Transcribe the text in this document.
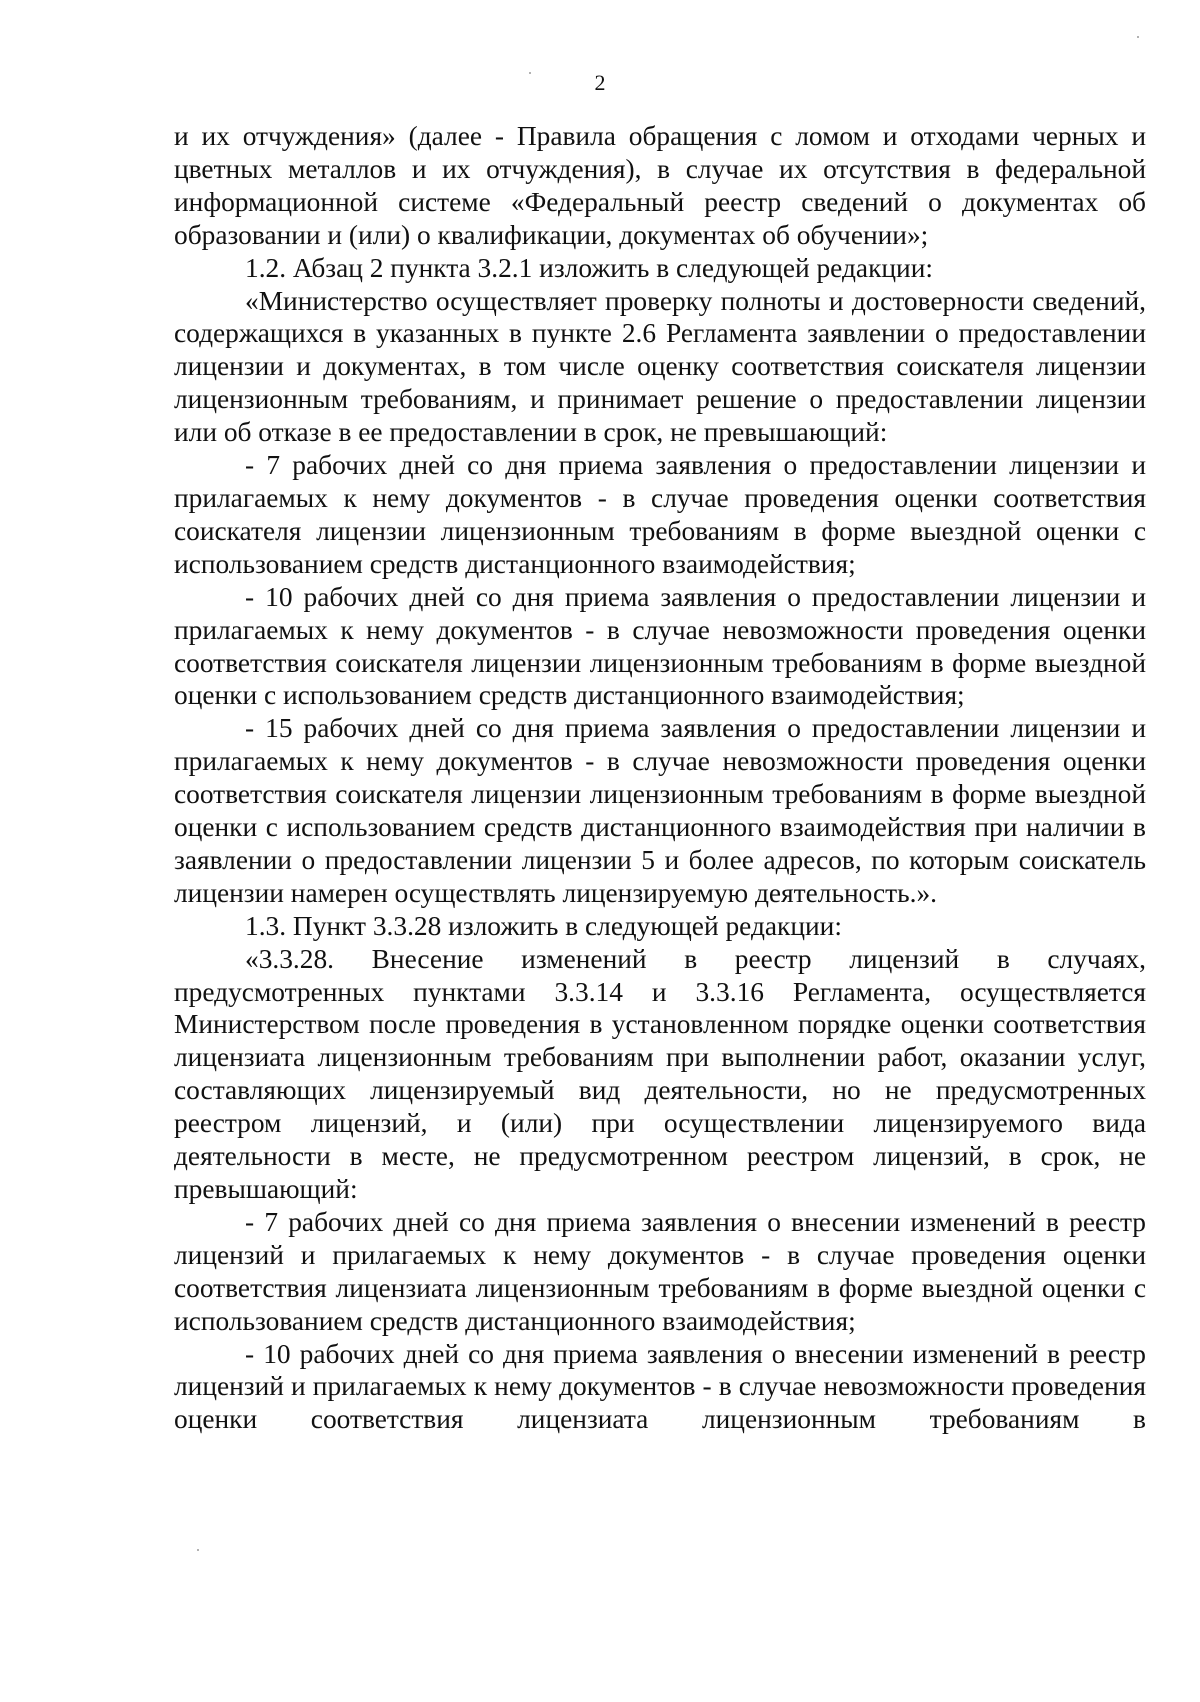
2

и их отчуждения» (далее - Правила обращения с ломом и отходами черных и цветных металлов и их отчуждения), в случае их отсутствия в федеральной информационной системе «Федеральный реестр сведений о документах об образовании и (или) о квалификации, документах об обучении»;

1.2. Абзац 2 пункта 3.2.1 изложить в следующей редакции:

«Министерство осуществляет проверку полноты и достоверности сведений, содержащихся в указанных в пункте 2.6 Регламента заявлении о предоставлении лицензии и документах, в том числе оценку соответствия соискателя лицензии лицензионным требованиям, и принимает решение о предоставлении лицензии или об отказе в ее предоставлении в срок, не превышающий:

- 7 рабочих дней со дня приема заявления о предоставлении лицензии и прилагаемых к нему документов - в случае проведения оценки соответствия соискателя лицензии лицензионным требованиям в форме выездной оценки с использованием средств дистанционного взаимодействия;

- 10 рабочих дней со дня приема заявления о предоставлении лицензии и прилагаемых к нему документов - в случае невозможности проведения оценки соответствия соискателя лицензии лицензионным требованиям в форме выездной оценки с использованием средств дистанционного взаимодействия;

- 15 рабочих дней со дня приема заявления о предоставлении лицензии и прилагаемых к нему документов - в случае невозможности проведения оценки соответствия соискателя лицензии лицензионным требованиям в форме выездной оценки с использованием средств дистанционного взаимодействия при наличии в заявлении о предоставлении лицензии 5 и более адресов, по которым соискатель лицензии намерен осуществлять лицензируемую деятельность.».

1.3. Пункт 3.3.28 изложить в следующей редакции:

«3.3.28. Внесение изменений в реестр лицензий в случаях, предусмотренных пунктами 3.3.14 и 3.3.16 Регламента, осуществляется Министерством после проведения в установленном порядке оценки соответствия лицензиата лицензионным требованиям при выполнении работ, оказании услуг, составляющих лицензируемый вид деятельности, но не предусмотренных реестром лицензий, и (или) при осуществлении лицензируемого вида деятельности в месте, не предусмотренном реестром лицензий, в срок, не превышающий:

- 7 рабочих дней со дня приема заявления о внесении изменений в реестр лицензий и прилагаемых к нему документов - в случае проведения оценки соответствия лицензиата лицензионным требованиям в форме выездной оценки с использованием средств дистанционного взаимодействия;

- 10 рабочих дней со дня приема заявления о внесении изменений в реестр лицензий и прилагаемых к нему документов - в случае невозможности проведения оценки соответствия лицензиата лицензионным требованиям в
